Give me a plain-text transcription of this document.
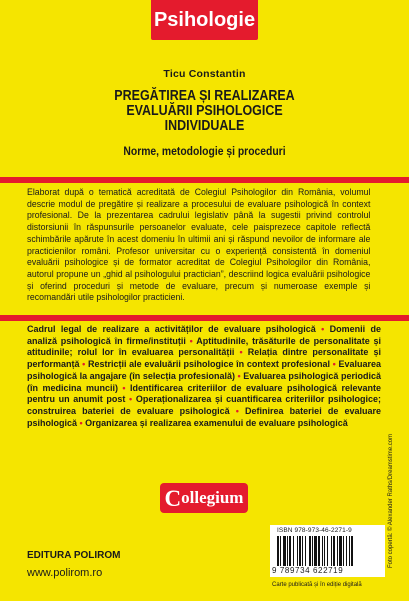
Psihologie
Ticu Constantin
PREGĂTIREA ȘI REALIZAREA
EVALUĂRII PSIHOLOGICE
INDIVIDUALE
Norme, metodologie și proceduri

Elaborat după o tematică acreditată de Colegiul Psihologilor din România, volumul descrie modul de pregătire și realizare a procesului de evaluare psihologică în context profesional. De la prezentarea cadrului legislativ până la sugestii privind controlul distorsiunii în răspunsurile persoanelor evaluate, cele paisprezece capitole reflectă schimbările apărute în acest domeniu în ultimii ani și răspund nevoilor de informare ale practicienilor români. Profesor universitar cu o experiență consistentă în domeniul evaluării psihologice și de formator acreditat de Colegiul Psihologilor din România, autorul propune un „ghid al psihologului practician”, descriind logica evaluării psihologice și oferind proceduri și metode de evaluare, precum și numeroase exemple și recomandări utile psihologilor practicieni.

Cadrul legal de realizare a activităților de evaluare psihologică • Domenii de analiză psihologică în firme/instituții • Aptitudinile, trăsăturile de personalitate și atitudinile; rolul lor în evaluarea personalității • Relația dintre personalitate și performanță • Restricții ale evaluării psihologice în context profesional • Evaluarea psihologică la angajare (în selecția profesională) • Evaluarea psihologică periodică (în medicina muncii) • Identificarea criteriilor de evaluare psihologică relevante pentru un anumit post • Operaționalizarea și cuantificarea criteriilor psihologice; construirea bateriei de evaluare psihologică • Definirea bateriei de evaluare psihologică • Organizarea și realizarea examenului de evaluare psihologică
C ollegium
EDITURA POLIROM
www.polirom.ro
ISBN 978-973-46-2271-9
9 789734 622719
Carte publicată și în ediție digitală
Foto copertă: © Alexander Raths/Dreamstime.com
